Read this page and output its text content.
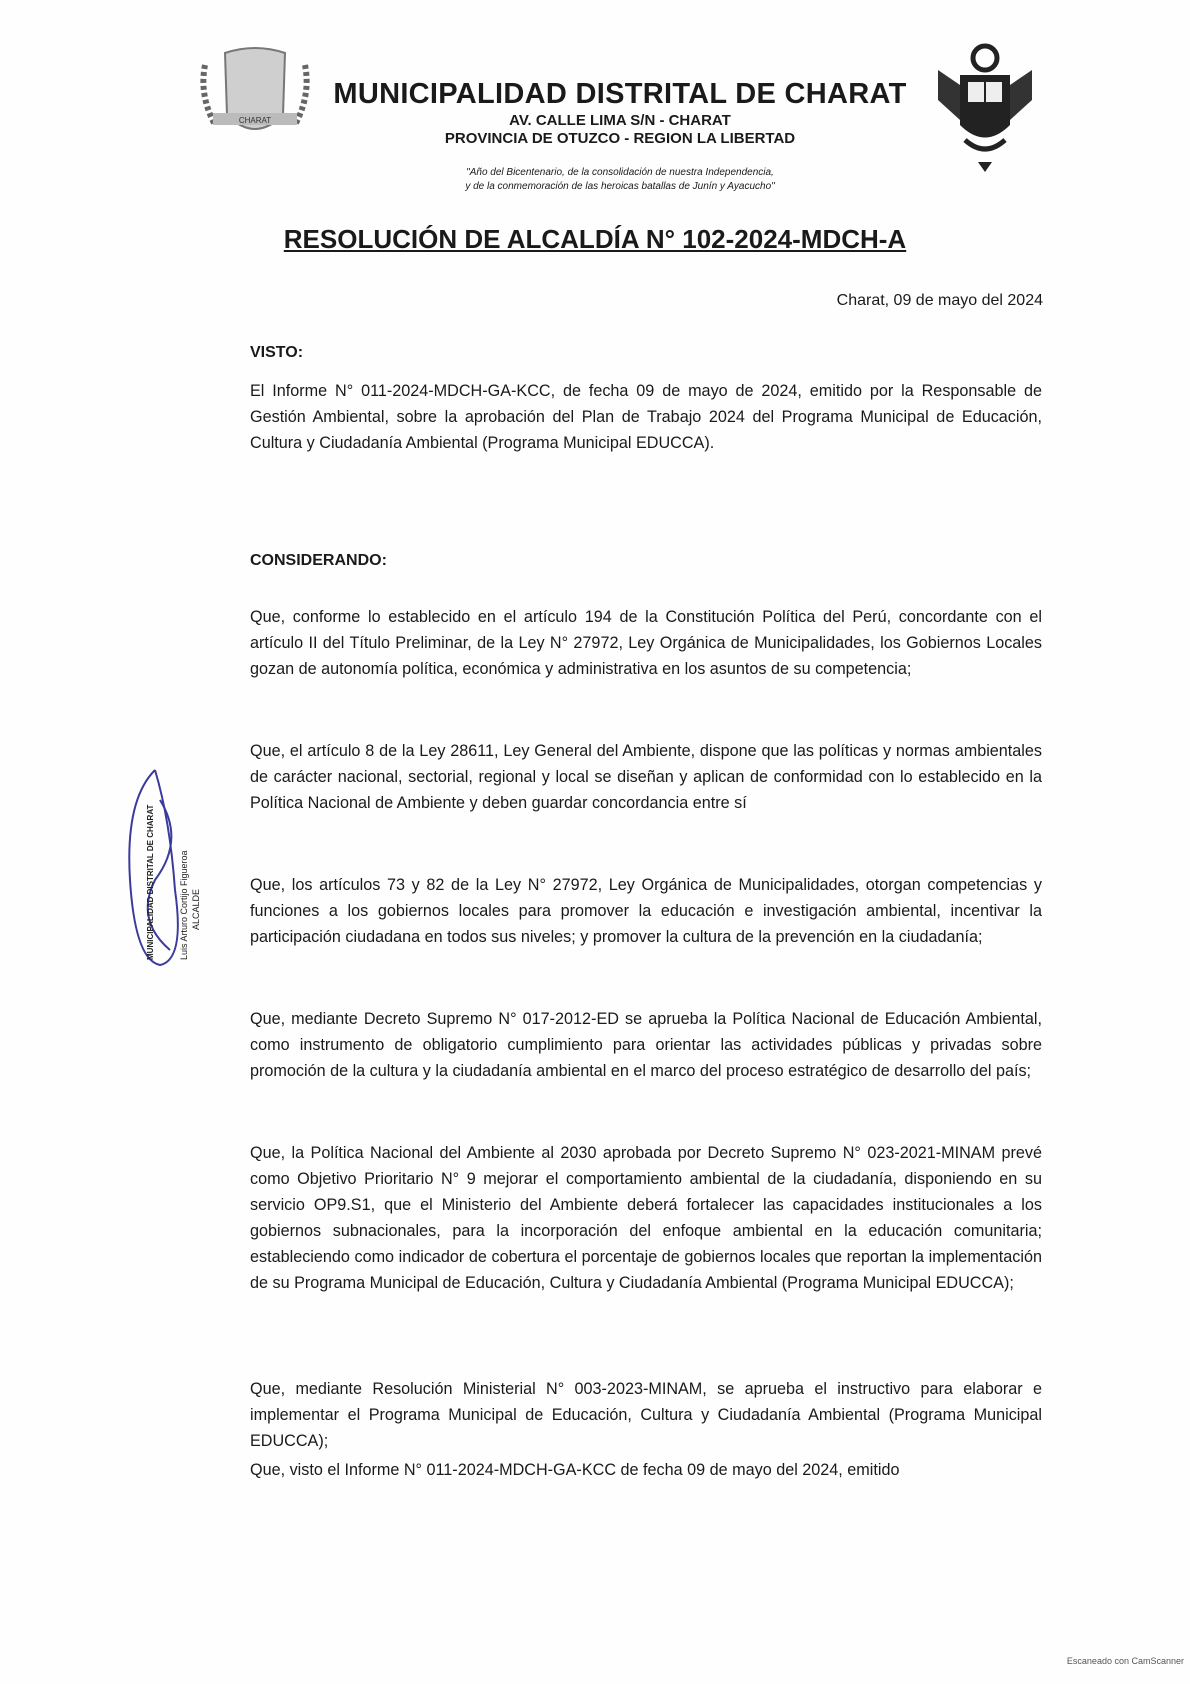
CHARAT
MUNICIPALIDAD DISTRITAL DE CHARAT
AV. CALLE LIMA S/N - CHARAT
PROVINCIA DE OTUZCO - REGION LA LIBERTAD
"Año del Bicentenario, de la consolidación de nuestra Independencia,
y de la conmemoración de las heroicas batallas de Junín y Ayacucho"
RESOLUCIÓN DE ALCALDÍA N° 102-2024-MDCH-A
Charat, 09 de mayo del 2024
VISTO:
El Informe N° 011-2024-MDCH-GA-KCC, de fecha 09 de mayo de 2024, emitido por la Responsable de Gestión Ambiental, sobre la aprobación del Plan de Trabajo 2024 del Programa Municipal de Educación, Cultura y Ciudadanía Ambiental (Programa Municipal EDUCCA).
CONSIDERANDO:
Que, conforme lo establecido en el artículo 194 de la Constitución Política del Perú, concordante con el artículo II del Título Preliminar, de la Ley N° 27972, Ley Orgánica de Municipalidades, los Gobiernos Locales gozan de autonomía política, económica y administrativa en los asuntos de su competencia;
Que, el artículo 8 de la Ley 28611, Ley General del Ambiente, dispone que las políticas y normas ambientales de carácter nacional, sectorial, regional y local se diseñan y aplican de conformidad con lo establecido en la Política Nacional de Ambiente y deben guardar concordancia entre sí
Que, los artículos 73 y 82 de la Ley N° 27972, Ley Orgánica de Municipalidades, otorgan competencias y funciones a los gobiernos locales para promover la educación e investigación ambiental, incentivar la participación ciudadana en todos sus niveles; y promover la cultura de la prevención en la ciudadanía;
Que, mediante Decreto Supremo N° 017-2012-ED se aprueba la Política Nacional de Educación Ambiental, como instrumento de obligatorio cumplimiento para orientar las actividades públicas y privadas sobre promoción de la cultura y la ciudadanía ambiental en el marco del proceso estratégico de desarrollo del país;
Que, la Política Nacional del Ambiente al 2030 aprobada por Decreto Supremo N° 023-2021-MINAM prevé como Objetivo Prioritario N° 9 mejorar el comportamiento ambiental de la ciudadanía, disponiendo en su servicio OP9.S1, que el Ministerio del Ambiente deberá fortalecer las capacidades institucionales a los gobiernos subnacionales, para la incorporación del enfoque ambiental en la educación comunitaria; estableciendo como indicador de cobertura el porcentaje de gobiernos locales que reportan la implementación de su Programa Municipal de Educación, Cultura y Ciudadanía Ambiental (Programa Municipal EDUCCA);
Que, mediante Resolución Ministerial N° 003-2023-MINAM, se aprueba el instructivo para elaborar e implementar el Programa Municipal de Educación, Cultura y Ciudadanía Ambiental (Programa Municipal EDUCCA);
Que, visto el Informe N° 011-2024-MDCH-GA-KCC de fecha 09 de mayo del 2024, emitido
MUNICIPALIDAD DISTRITAL DE CHARAT	Luis Arturo Cortijo Figueroa ALCALDE
Escaneado con CamScanner
